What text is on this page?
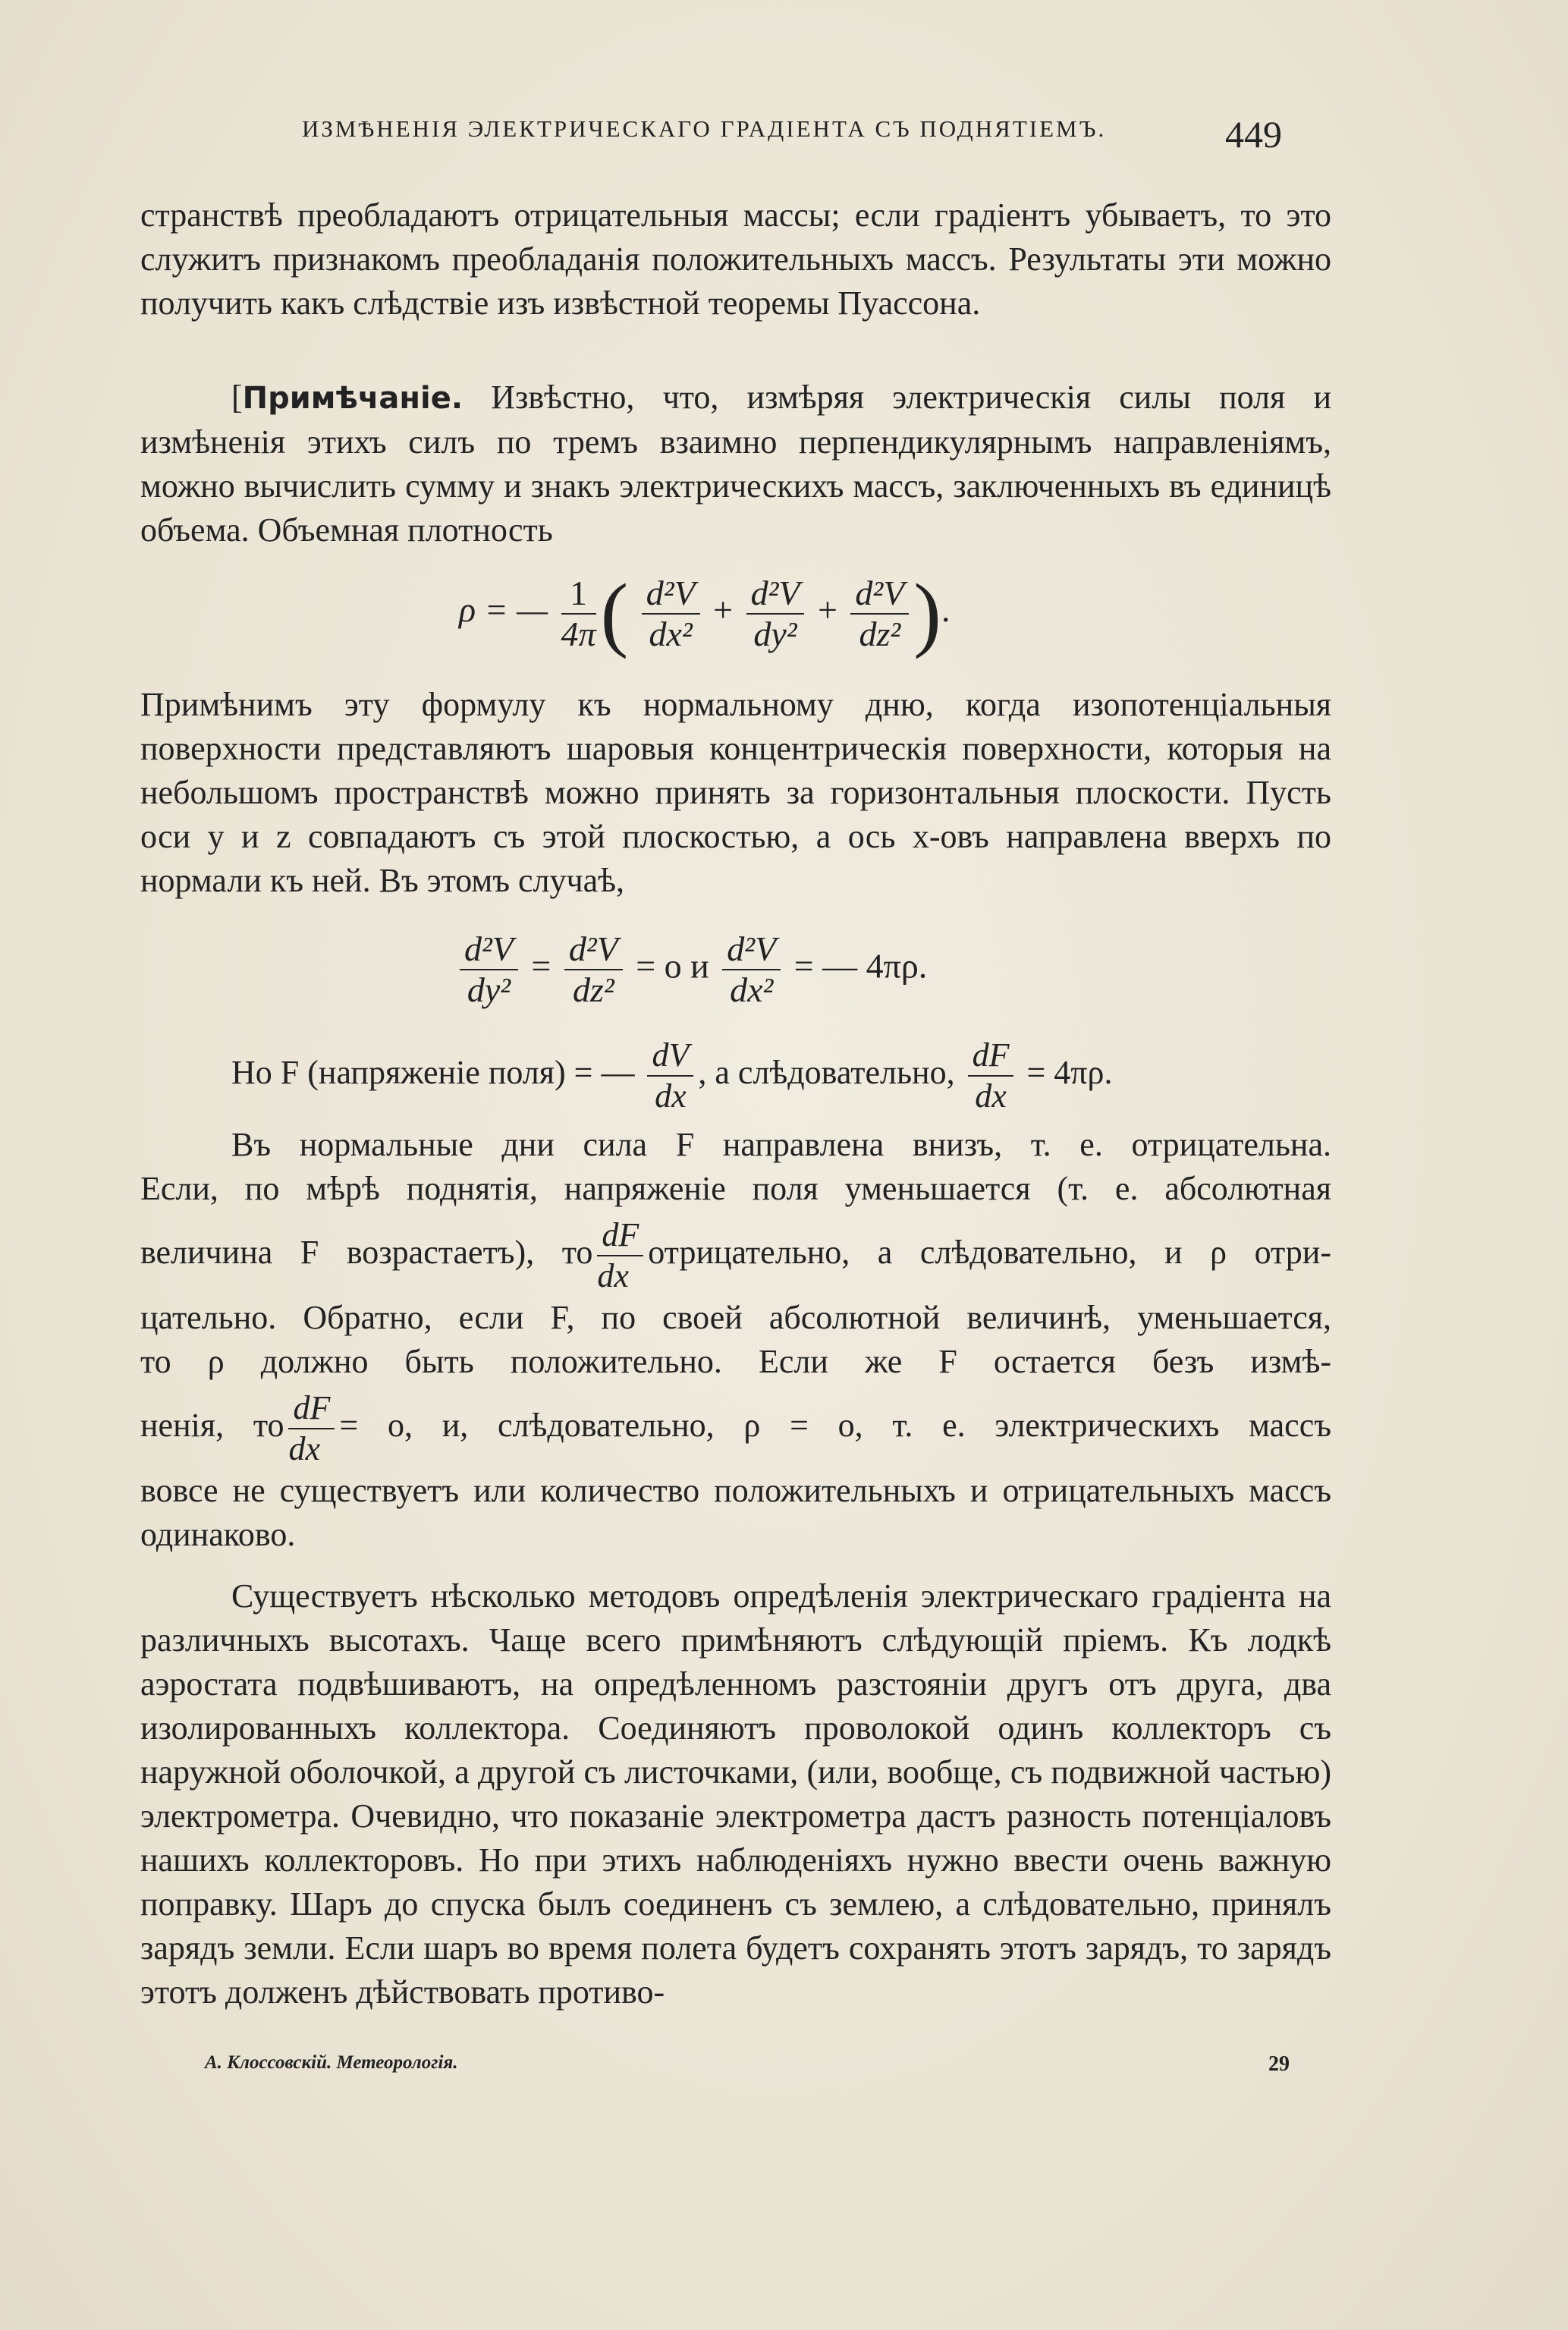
ИЗМѢНЕНІЯ ЭЛЕКТРИЧЕСКАГО ГРАДІЕНТА СЪ ПОДНЯТІЕМЪ.	449

странствѣ преобладаютъ отрицательныя массы; если градіентъ убываетъ, то это служитъ признакомъ преобладанія положительныхъ массъ. Результаты эти можно получить какъ слѣдствіе изъ извѣстной теоремы Пуассона.

[Примѣчаніе. Извѣстно, что, измѣряя электрическія силы поля и измѣненія этихъ силъ по тремъ взаимно перпендикулярнымъ направленіямъ, можно вычислить сумму и знакъ электрическихъ массъ, заключенныхъ въ единицѣ объема. Объемная плотность

ρ = — $\frac{1}{4\pi}$ ( $\frac{\text{d²V}}{\text{dx²}} + \frac{\text{d²V}}{\text{dy²}} + \frac{\text{d²V}}{\text{dz²}}$ ).

Примѣнимъ эту формулу къ нормальному дню, когда изопотенціальныя поверхности представляютъ шаровыя концентрическія поверхности, которыя на небольшомъ пространствѣ можно принять за горизонтальныя плоскости. Пусть оси y и z совпадаютъ съ этой плоскостью, а ось x-овъ направлена вверхъ по нормали къ ней. Въ этомъ случаѣ,

$\frac{\text{d²V}}{\text{dy²}} = \frac{\text{d²V}}{\text{dz²}} = о$ и $\frac{\text{d²V}}{\text{dx²}}$ = — 4πρ.
Но F (напряженіе поля) = — $\frac{dV}{dx}$ , а слѣдовательно, $\frac{dF}{dx} = 4\pi\rho$.

Въ нормальные дни сила F направлена внизъ, т. е. отрицательна.

Если, по мѣрѣ поднятія, напряженіе поля уменьшается (т. е. абсолютная

величина F возрастаетъ), то $\frac{dF}{dx}$ отрицательно, а слѣдовательно, и ρ отри-

цательно. Обратно, если F, по своей абсолютной величинѣ, уменьшается,

то ρ должно быть положительно. Если же F остается безъ измѣ-

ненія, то $\frac{dF}{dx} = о$, и, слѣдовательно, ρ = о, т. е. электрическихъ массъ

вовсе не существуетъ или количество положительныхъ и отрицательныхъ массъ одинаково.

Существуетъ нѣсколько методовъ опредѣленія электрическаго градіента на различныхъ высотахъ. Чаще всего примѣняютъ слѣдующій пріемъ. Къ лодкѣ аэростата подвѣшиваютъ, на опредѣленномъ разстояніи другъ отъ друга, два изолированныхъ коллектора. Соединяютъ проволокой одинъ коллекторъ съ наружной оболочкой, а другой съ листочками, (или, вообще, съ подвижной частью) электрометра. Очевидно, что показаніе электрометра дастъ разность потенціаловъ нашихъ коллекторовъ. Но при этихъ наблюденіяхъ нужно ввести очень важную поправку. Шаръ до спуска былъ соединенъ съ землею, а слѣдовательно, принялъ зарядъ земли. Если шаръ во время полета будетъ сохранять этотъ зарядъ, то зарядъ этотъ долженъ дѣйствовать противо-

А. Клоссовскій. Метеорологія.	29
